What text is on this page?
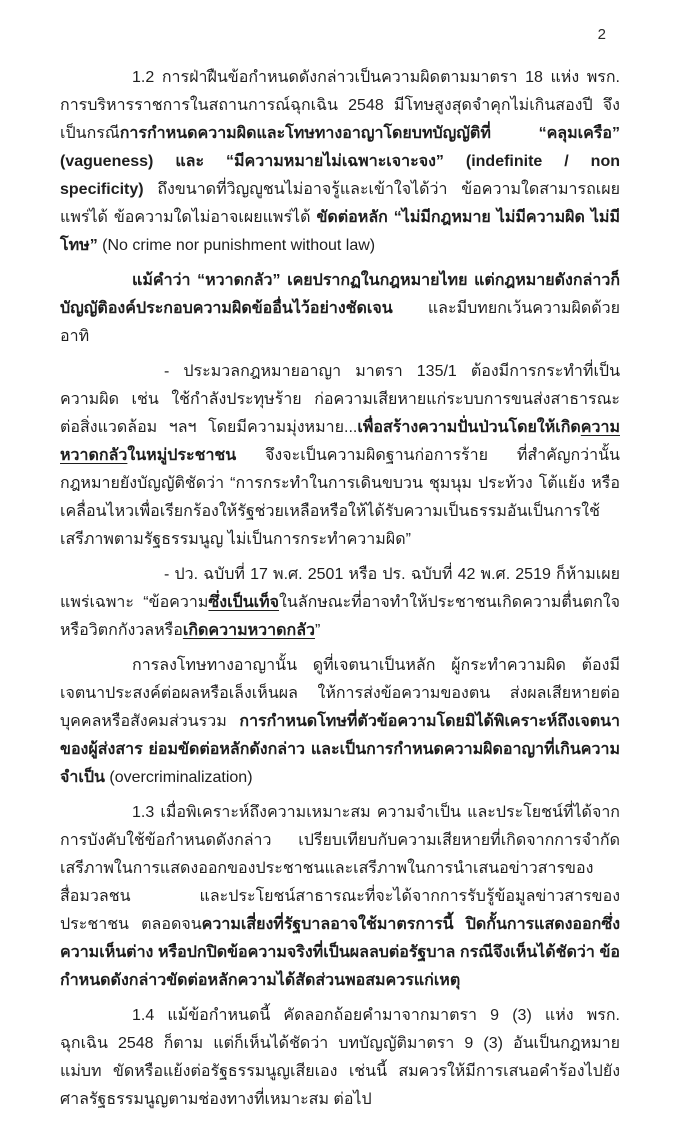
2

1.2 การฝ่าฝืนข้อกำหนดดังกล่าวเป็นความผิดตามมาตรา 18 แห่ง พรก. การบริหารราชการในสถานการณ์ฉุกเฉิน 2548 มีโทษสูงสุดจำคุกไม่เกินสองปี จึงเป็นกรณีการกำหนดความผิดและโทษทางอาญาโดยบทบัญญัติที่ “คลุมเครือ” (vagueness) และ “มีความหมายไม่เฉพาะเจาะจง” (indefinite / non specificity) ถึงขนาดที่วิญญูชนไม่อาจรู้และเข้าใจได้ว่า ข้อความใดสามารถเผยแพร่ได้ ข้อความใดไม่อาจเผยแพร่ได้ ขัดต่อหลัก “ไม่มีกฎหมาย ไม่มีความผิด ไม่มีโทษ” (No crime nor punishment without law)

แม้คำว่า “หวาดกลัว” เคยปรากฏในกฎหมายไทย แต่กฎหมายดังกล่าวก็บัญญัติองค์ประกอบความผิดข้ออื่นไว้อย่างชัดเจน และมีบทยกเว้นความผิดด้วย อาทิ

- ประมวลกฎหมายอาญา มาตรา 135/1 ต้องมีการกระทำที่เป็นความผิด เช่น ใช้กำลังประทุษร้าย ก่อความเสียหายแก่ระบบการขนส่งสาธารณะ ต่อสิ่งแวดล้อม ฯลฯ โดยมีความมุ่งหมาย...เพื่อสร้างความปั่นป่วนโดยให้เกิดความหวาดกลัวในหมู่ประชาชน จึงจะเป็นความผิดฐานก่อการร้าย ที่สำคัญกว่านั้น กฎหมายยังบัญญัติชัดว่า “การกระทำในการเดินขบวน ชุมนุม ประท้วง โต้แย้ง หรือเคลื่อนไหวเพื่อเรียกร้องให้รัฐช่วยเหลือหรือให้ได้รับความเป็นธรรมอันเป็นการใช้เสรีภาพตามรัฐธรรมนูญ ไม่เป็นการกระทำความผิด”

- ปว. ฉบับที่ 17 พ.ศ. 2501 หรือ ปร. ฉบับที่ 42 พ.ศ. 2519 ก็ห้ามเผยแพร่เฉพาะ “ข้อความซึ่งเป็นเท็จในลักษณะที่อาจทำให้ประชาชนเกิดความตื่นตกใจหรือวิตกกังวลหรือเกิดความหวาดกลัว”

การลงโทษทางอาญานั้น ดูที่เจตนาเป็นหลัก ผู้กระทำความผิด ต้องมีเจตนาประสงค์ต่อผลหรือเล็งเห็นผล ให้การส่งข้อความของตน ส่งผลเสียหายต่อบุคคลหรือสังคมส่วนรวม การกำหนดโทษที่ตัวข้อความโดยมิได้พิเคราะห์ถึงเจตนาของผู้ส่งสาร ย่อมขัดต่อหลักดังกล่าว และเป็นการกำหนดความผิดอาญาที่เกินความจำเป็น (overcriminalization)

1.3 เมื่อพิเคราะห์ถึงความเหมาะสม ความจำเป็น และประโยชน์ที่ได้จากการบังคับใช้ข้อกำหนดดังกล่าว เปรียบเทียบกับความเสียหายที่เกิดจากการจำกัดเสรีภาพในการแสดงออกของประชาชนและเสรีภาพในการนำเสนอข่าวสารของสื่อมวลชน และประโยชน์สาธารณะที่จะได้จากการรับรู้ข้อมูลข่าวสารของประชาชน ตลอดจนความเสี่ยงที่รัฐบาลอาจใช้มาตรการนี้ ปิดกั้นการแสดงออกซึ่งความเห็นต่าง หรือปกปิดข้อความจริงที่เป็นผลลบต่อรัฐบาล กรณีจึงเห็นได้ชัดว่า ข้อกำหนดดังกล่าวขัดต่อหลักความได้สัดส่วนพอสมควรแก่เหตุ

1.4 แม้ข้อกำหนดนี้ คัดลอกถ้อยคำมาจากมาตรา 9 (3) แห่ง พรก. ฉุกเฉิน 2548 ก็ตาม แต่ก็เห็นได้ชัดว่า บทบัญญัติมาตรา 9 (3) อันเป็นกฎหมายแม่บท ขัดหรือแย้งต่อรัฐธรรมนูญเสียเอง เช่นนี้ สมควรให้มีการเสนอคำร้องไปยังศาลรัฐธรรมนูญตามช่องทางที่เหมาะสม ต่อไป
